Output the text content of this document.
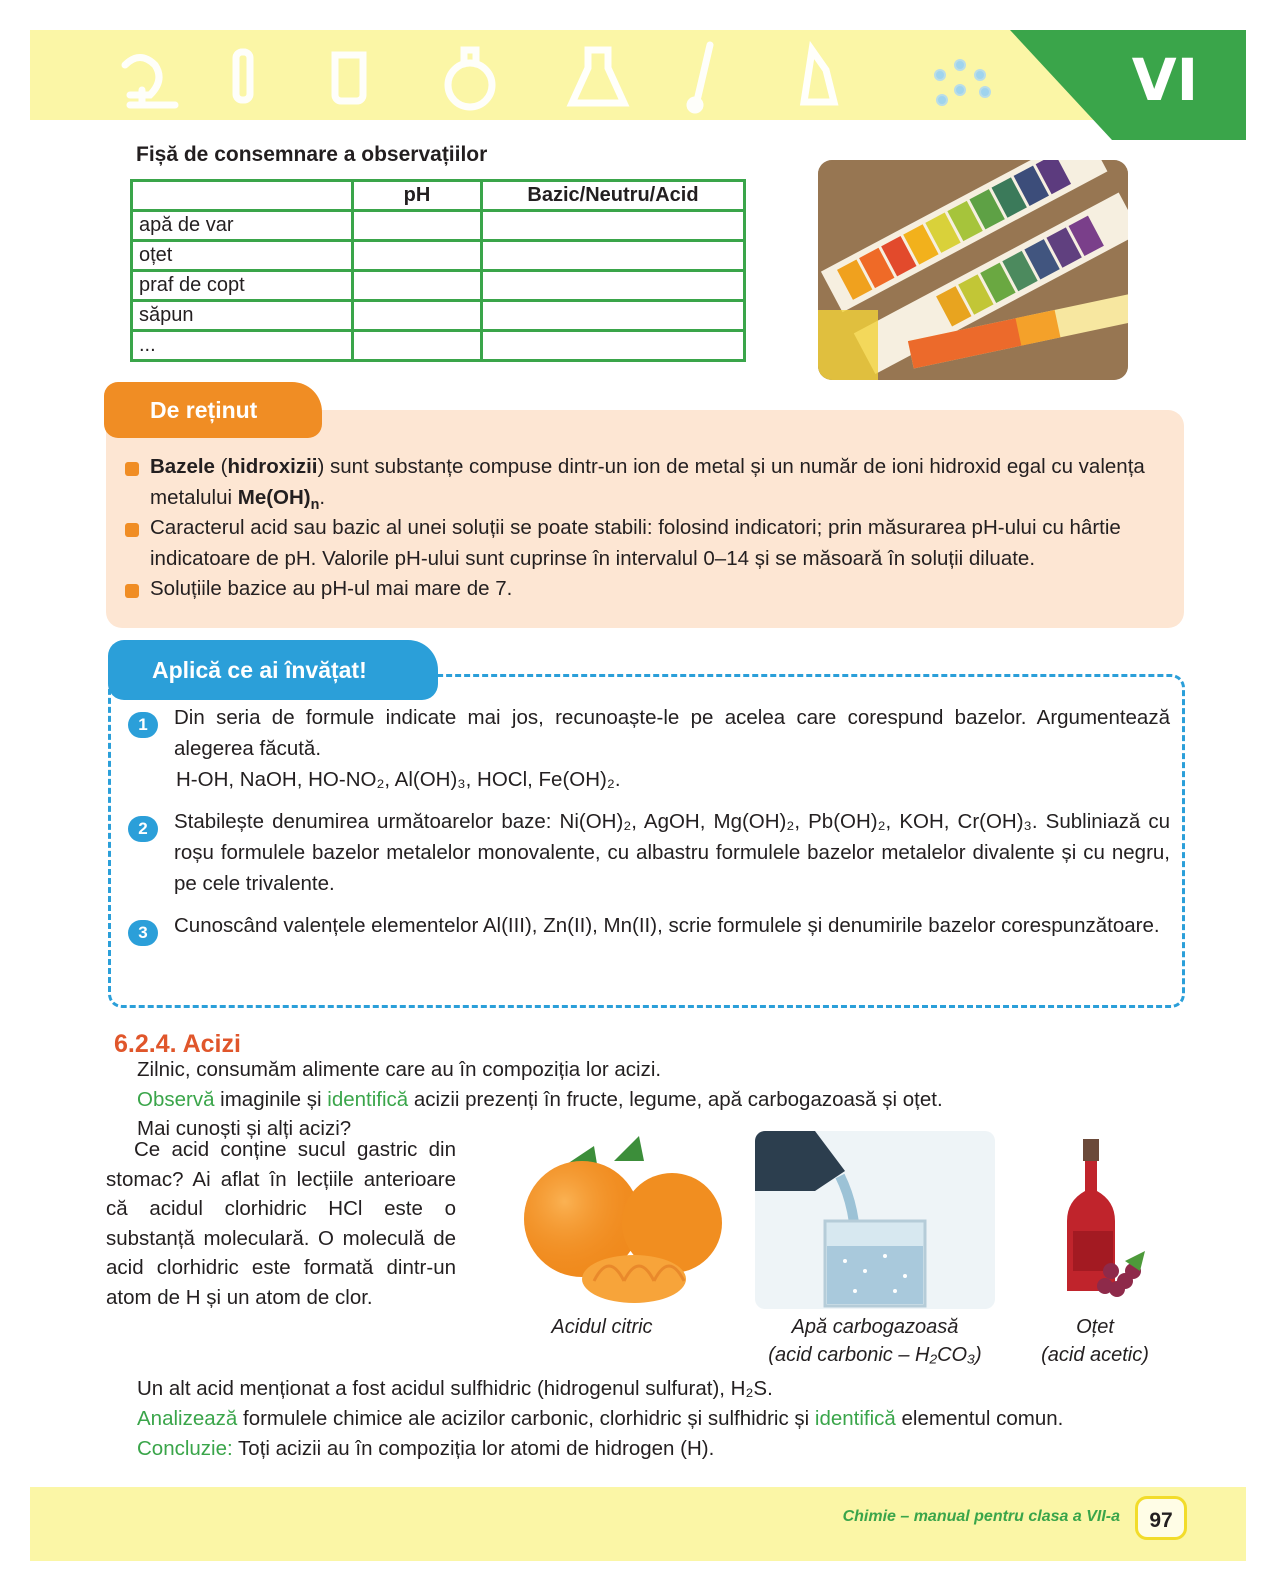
VI
Fișă de consemnare a observațiilor
	pH	Bazic/Neutru/Acid
apă de var		
oțet		
praf de copt		
săpun		
...		
De reținut
Bazele (hidroxizii) sunt substanțe compuse dintr-un ion de metal și un număr de ioni hidroxid egal cu valența metalului $Me(OH)_n$.
Caracterul acid sau bazic al unei soluții se poate stabili: folosind indicatori; prin măsurarea pH-ului cu hârtie indicatoare de pH. Valorile pH-ului sunt cuprinse în intervalul 0–14 și se măsoară în soluții diluate.
Soluțiile bazice au pH-ul mai mare de 7.
Aplică ce ai învățat!
1	Din seria de formule indicate mai jos, recunoaște-le pe acelea care corespund bazelor. Argumentează alegerea făcută.
H-OH, NaOH, HO-NO₂, Al(OH)₃, HOCl, Fe(OH)₂.
2	Stabilește denumirea următoarelor baze: Ni(OH)₂, AgOH, Mg(OH)₂, Pb(OH)₂, KOH, Cr(OH)₃. Subliniază cu roșu formulele bazelor metalelor monovalente, cu albastru formulele bazelor metalelor divalente și cu negru, pe cele trivalente.
3	Cunoscând valențele elementelor Al(III), Zn(II), Mn(II), scrie formulele și denumirile bazelor corespunzătoare.
6.2.4. Acizi
Zilnic, consumăm alimente care au în compoziția lor acizi.
Observă imaginile și identifică acizii prezenți în fructe, legume, apă carbogazoasă și oțet.
Mai cunoști și alți acizi?
Ce acid conține sucul gastric din stomac? Ai aflat în lecțiile anterioare că acidul clorhidric HCl este o substanță moleculară. O moleculă de acid clorhidric este formată dintr-un atom de H și un atom de clor.
Acidul citric	Apă carbogazoasă
(acid carbonic – H₂CO₃)
Oțet
(acid acetic)
Un alt acid menționat a fost acidul sulfhidric (hidrogenul sulfurat), H₂S.
Analizează formulele chimice ale acizilor carbonic, clorhidric și sulfhidric și identifică elementul comun.
Concluzie: Toți acizii au în compoziția lor atomi de hidrogen (H).
Chimie – manual pentru clasa a VII-a	97
